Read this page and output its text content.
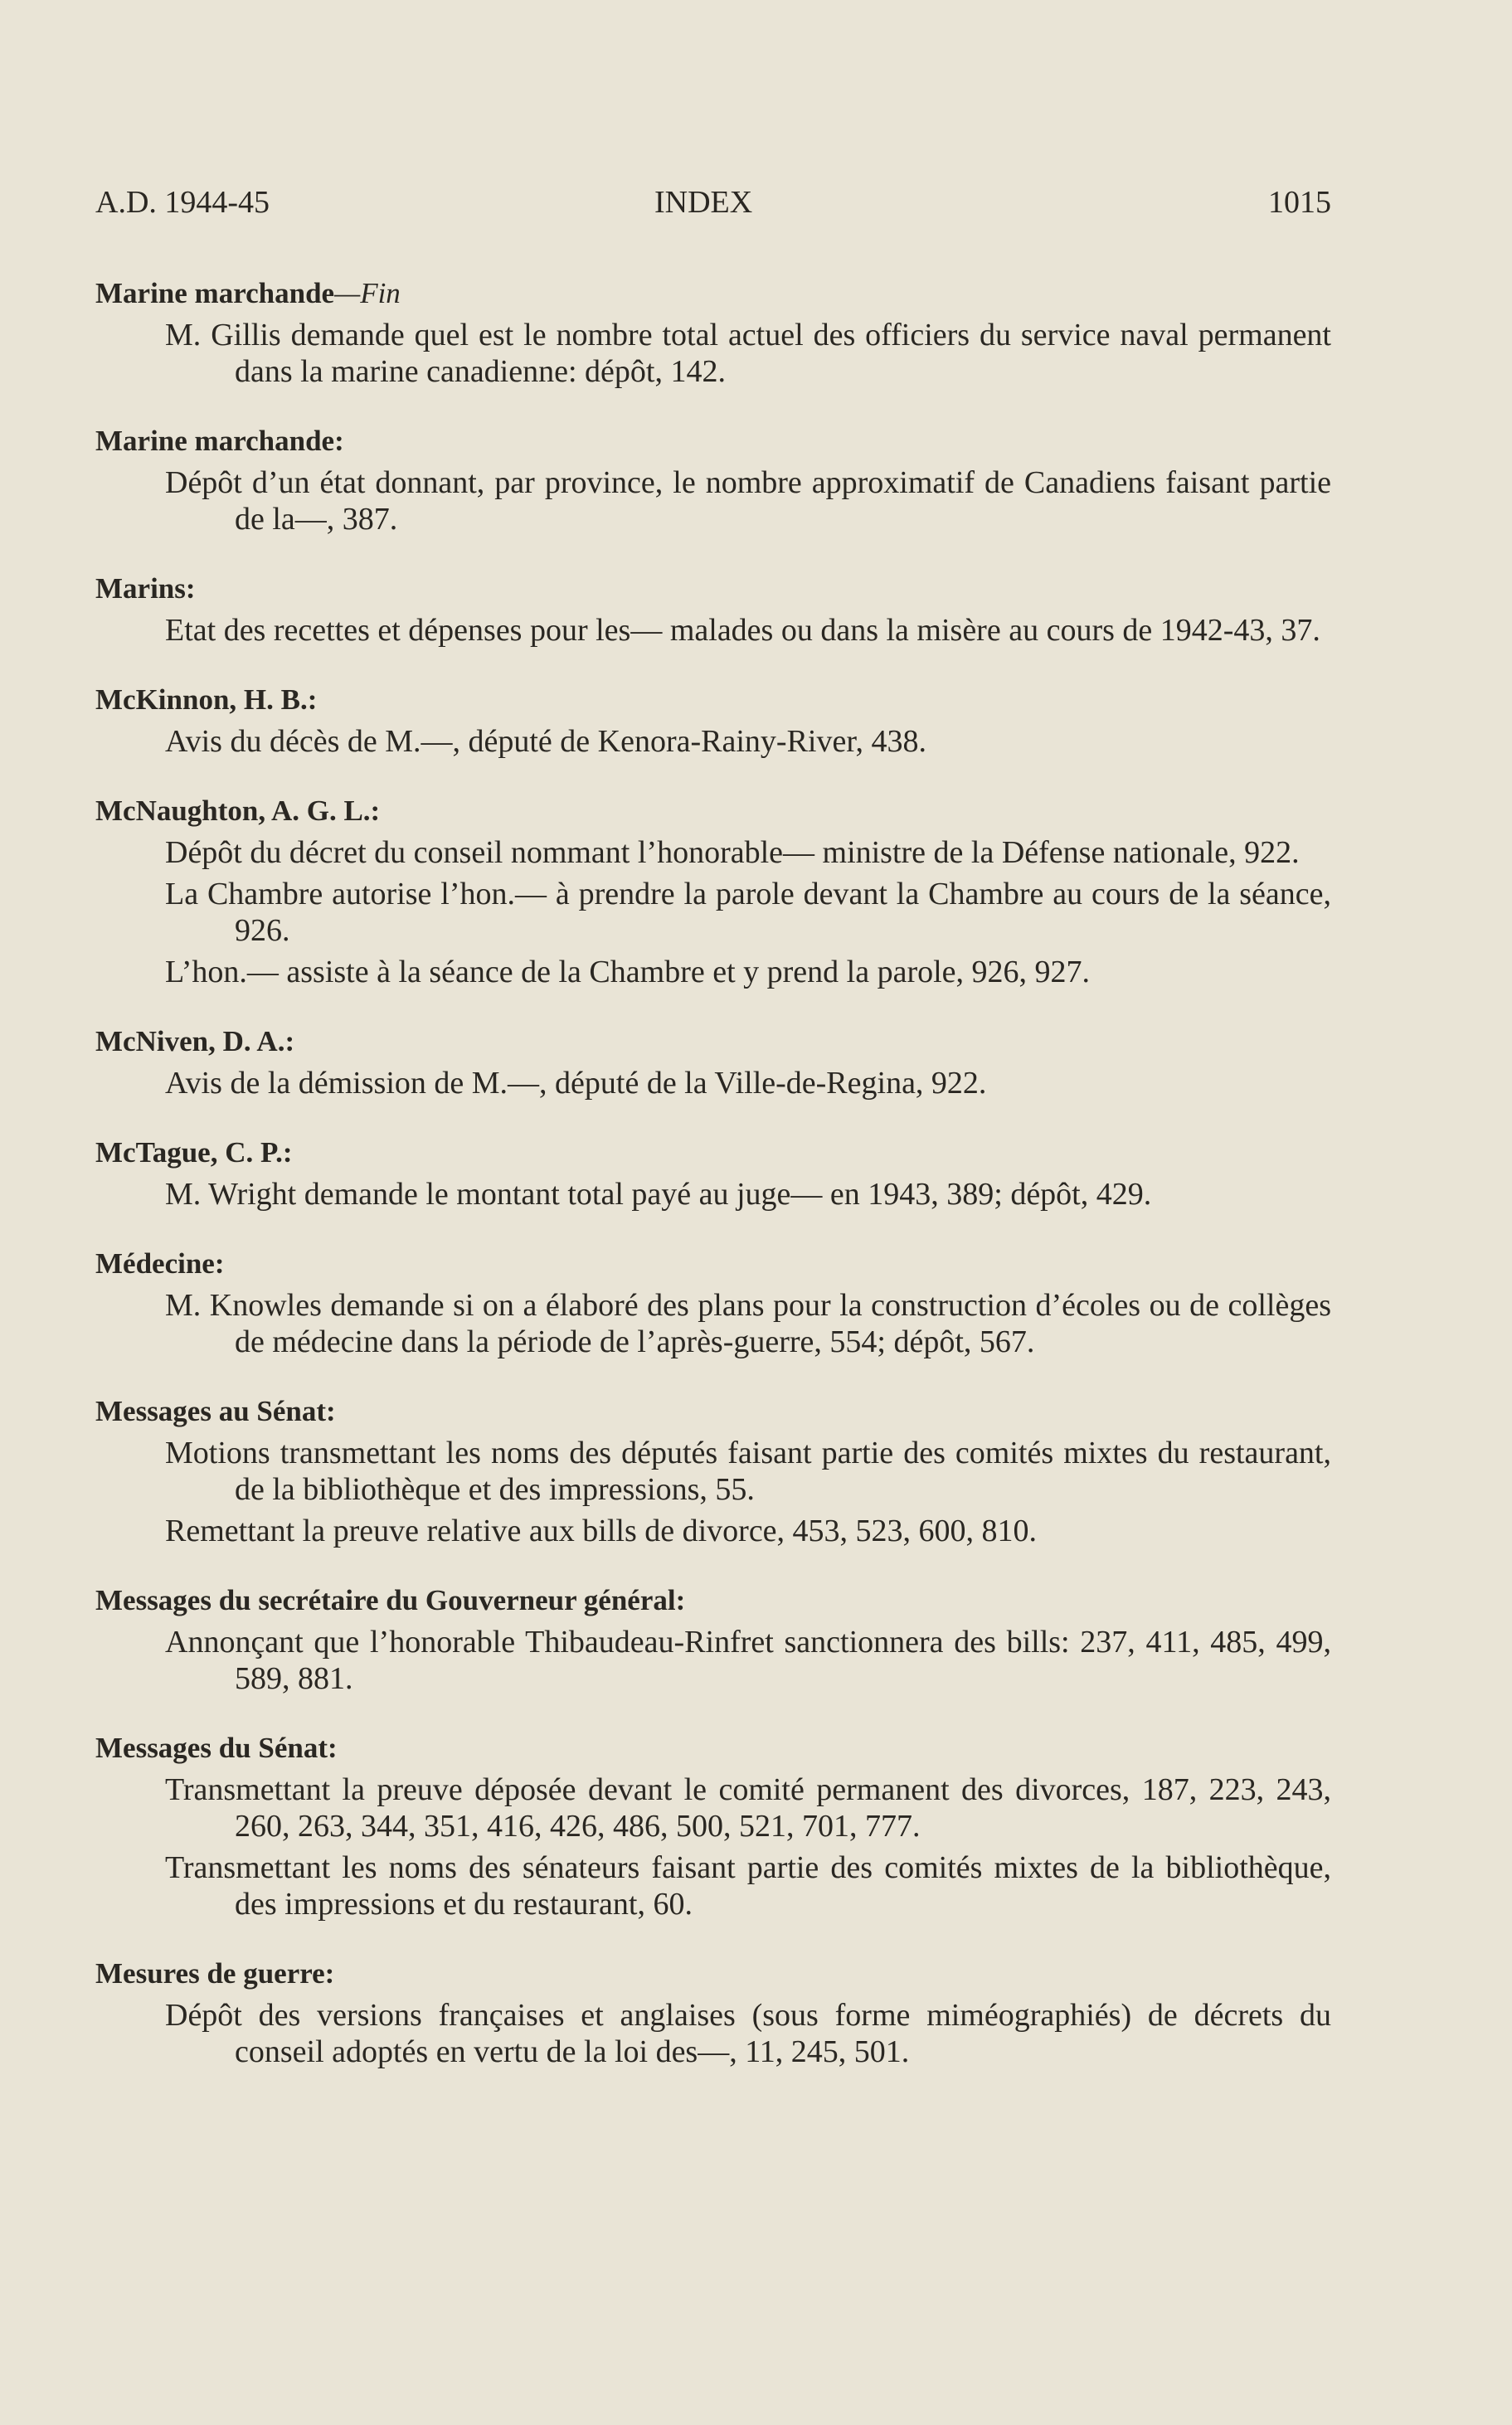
A.D. 1944-45	INDEX	1015
Marine marchande—Fin
M. Gillis demande quel est le nombre total actuel des officiers du service naval permanent dans la marine canadienne: dépôt, 142.
Marine marchande:
Dépôt d’un état donnant, par province, le nombre approximatif de Canadiens faisant partie de la—, 387.
Marins:
Etat des recettes et dépenses pour les— malades ou dans la misère au cours de 1942-43, 37.
McKinnon, H. B.:
Avis du décès de M.—, député de Kenora-Rainy-River, 438.
McNaughton, A. G. L.:
Dépôt du décret du conseil nommant l’honorable— ministre de la Défense nationale, 922.
La Chambre autorise l’hon.— à prendre la parole devant la Chambre au cours de la séance, 926.
L’hon.— assiste à la séance de la Chambre et y prend la parole, 926, 927.
McNiven, D. A.:
Avis de la démission de M.—, député de la Ville-de-Regina, 922.
McTague, C. P.:
M. Wright demande le montant total payé au juge— en 1943, 389; dépôt, 429.
Médecine:
M. Knowles demande si on a élaboré des plans pour la construction d’écoles ou de collèges de médecine dans la période de l’après-guerre, 554; dépôt, 567.
Messages au Sénat:
Motions transmettant les noms des députés faisant partie des comités mixtes du restaurant, de la bibliothèque et des impressions, 55.
Remettant la preuve relative aux bills de divorce, 453, 523, 600, 810.
Messages du secrétaire du Gouverneur général:
Annonçant que l’honorable Thibaudeau-Rinfret sanctionnera des bills: 237, 411, 485, 499, 589, 881.
Messages du Sénat:
Transmettant la preuve déposée devant le comité permanent des divorces, 187, 223, 243, 260, 263, 344, 351, 416, 426, 486, 500, 521, 701, 777.
Transmettant les noms des sénateurs faisant partie des comités mixtes de la bibliothèque, des impressions et du restaurant, 60.
Mesures de guerre:
Dépôt des versions françaises et anglaises (sous forme miméographiés) de décrets du conseil adoptés en vertu de la loi des—, 11, 245, 501.
